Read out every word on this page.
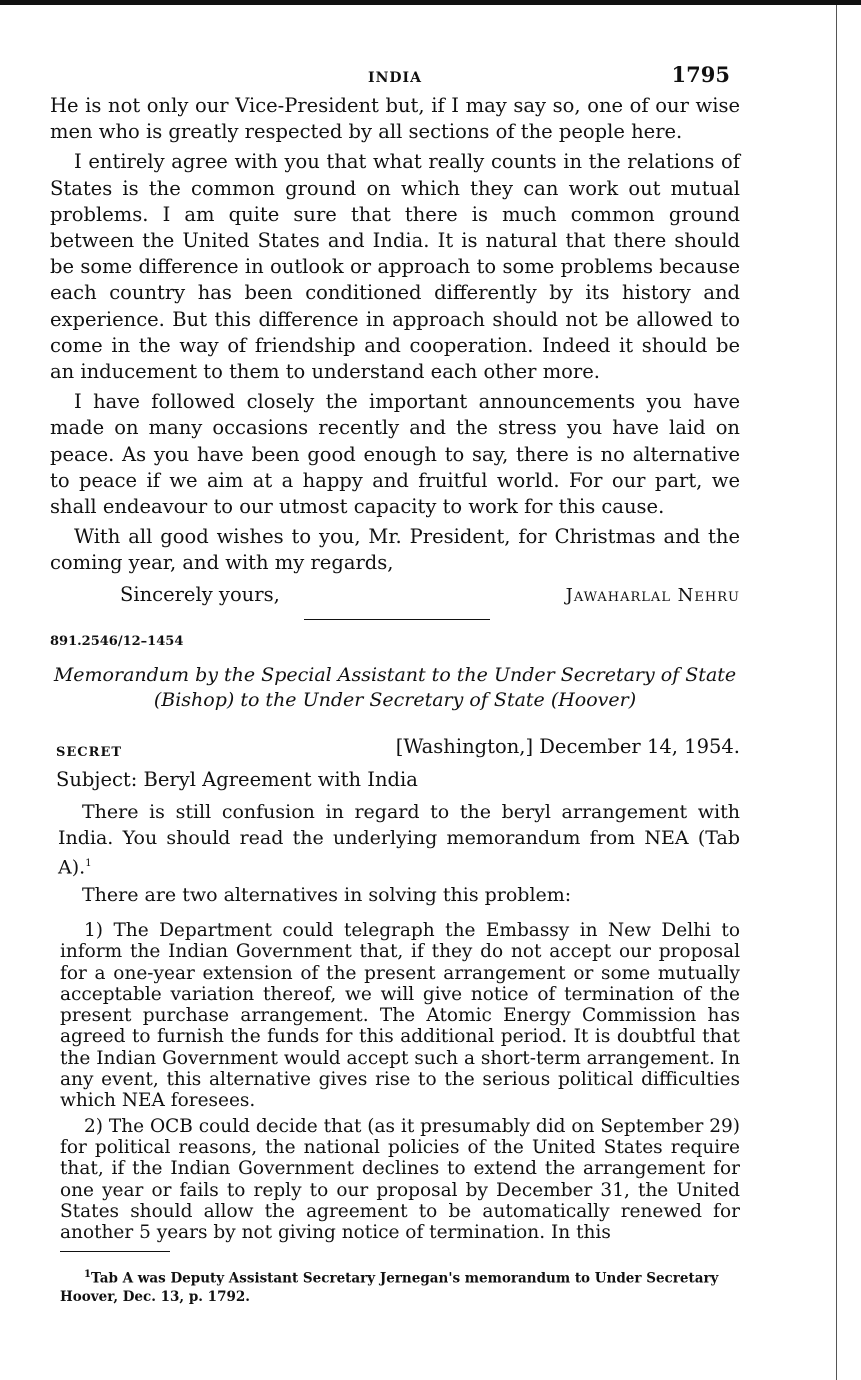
INDIA	1795

He is not only our Vice-President but, if I may say so, one of our wise men who is greatly respected by all sections of the people here.

I entirely agree with you that what really counts in the relations of States is the common ground on which they can work out mutual problems. I am quite sure that there is much common ground between the United States and India. It is natural that there should be some difference in outlook or approach to some problems because each country has been conditioned differently by its history and experience. But this difference in approach should not be allowed to come in the way of friendship and cooperation. Indeed it should be an inducement to them to understand each other more.

I have followed closely the important announcements you have made on many occasions recently and the stress you have laid on peace. As you have been good enough to say, there is no alternative to peace if we aim at a happy and fruitful world. For our part, we shall endeavour to our utmost capacity to work for this cause.

With all good wishes to you, Mr. President, for Christmas and the coming year, and with my regards,

Sincerely yours,	Jawaharlal Nehru
891.2546/12–1454
Memorandum by the Special Assistant to the Under Secretary of State
(Bishop) to the Under Secretary of State (Hoover)
SECRET	[Washington,] December 14, 1954.
Subject: Beryl Agreement with India

There is still confusion in regard to the beryl arrangement with India. You should read the underlying memorandum from NEA (Tab A).$^1$

There are two alternatives in solving this problem:

1) The Department could telegraph the Embassy in New Delhi to inform the Indian Government that, if they do not accept our proposal for a one-year extension of the present arrangement or some mutually acceptable variation thereof, we will give notice of termination of the present purchase arrangement. The Atomic Energy Commission has agreed to furnish the funds for this additional period. It is doubtful that the Indian Government would accept such a short-term arrangement. In any event, this alternative gives rise to the serious political difficulties which NEA foresees.

2) The OCB could decide that (as it presumably did on September 29) for political reasons, the national policies of the United States require that, if the Indian Government declines to extend the arrangement for one year or fails to reply to our proposal by December 31, the United States should allow the agreement to be automatically renewed for another 5 years by not giving notice of termination. In this

$^1$Tab A was Deputy Assistant Secretary Jernegan's memorandum to Under Secretary Hoover, Dec. 13, p. 1792.
